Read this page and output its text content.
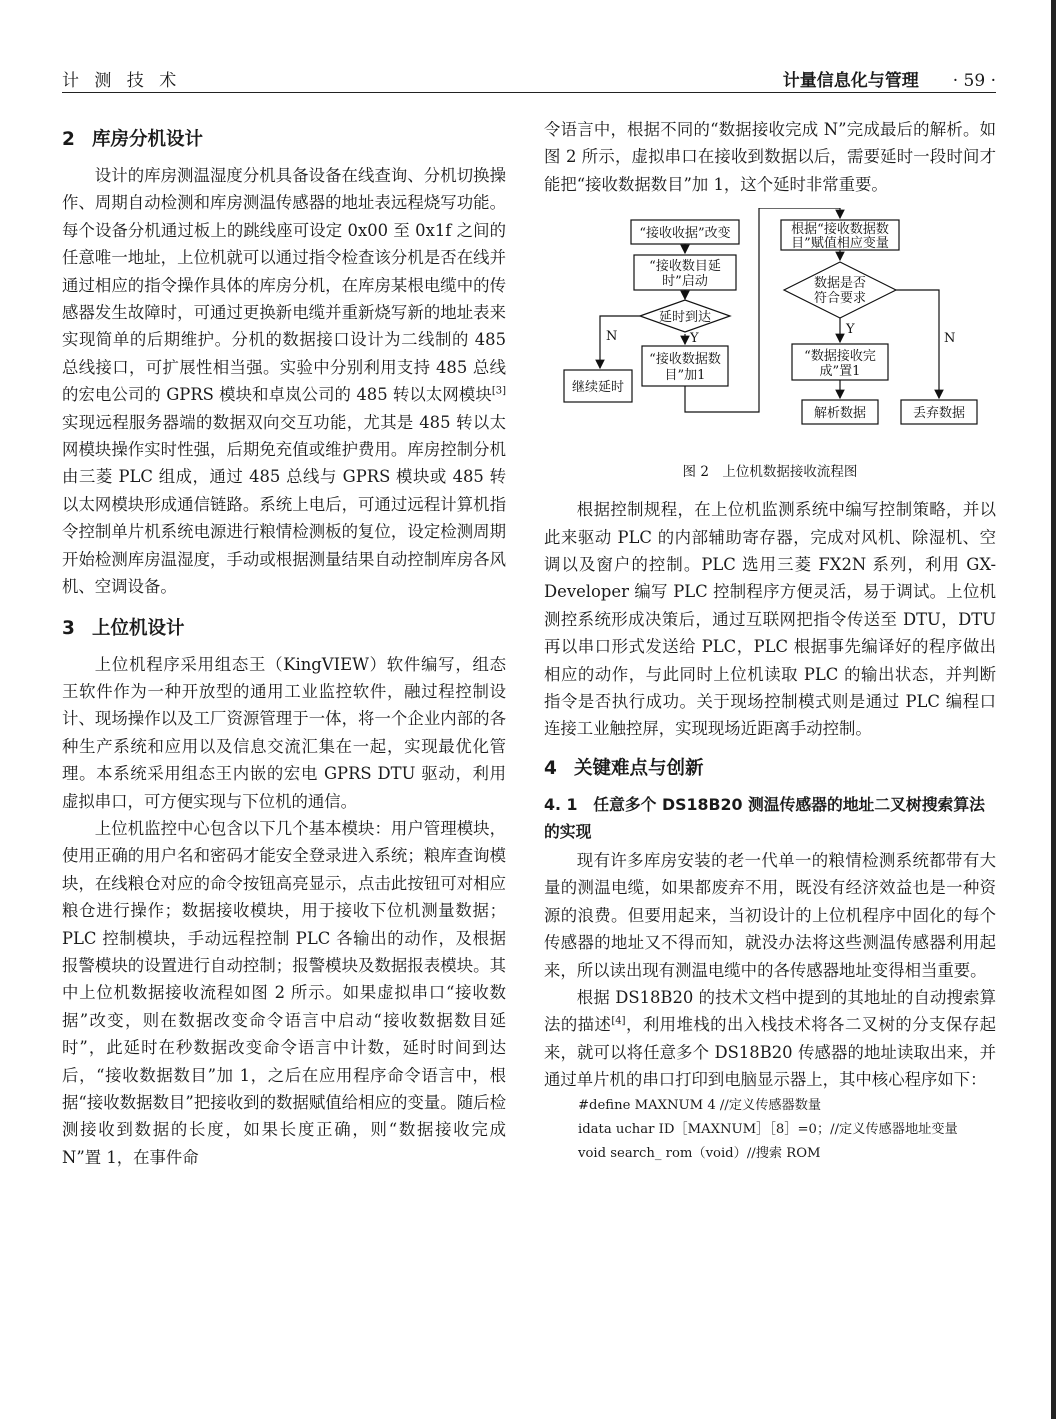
计 测 技 术	计量信息化与管理 · 59 ·
2 库房分机设计

设计的库房测温湿度分机具备设备在线查询、分机切换操作、周期自动检测和库房测温传感器的地址表远程烧写功能。每个设备分机通过板上的跳线座可设定 0x00 至 0x1f 之间的任意唯一地址，上位机就可以通过指令检查该分机是否在线并通过相应的指令操作具体的库房分机，在库房某根电缆中的传感器发生故障时，可通过更换新电缆并重新烧写新的地址表来实现简单的后期维护。分机的数据接口设计为二线制的 485 总线接口，可扩展性相当强。实验中分别利用支持 485 总线的宏电公司的 GPRS 模块和卓岚公司的 485 转以太网模块[3]实现远程服务器端的数据双向交互功能，尤其是 485 转以太网模块操作实时性强，后期免充值或维护费用。库房控制分机由三菱 PLC 组成，通过 485 总线与 GPRS 模块或 485 转以太网模块形成通信链路。系统上电后，可通过远程计算机指令控制单片机系统电源进行粮情检测板的复位，设定检测周期开始检测库房温湿度，手动或根据测量结果自动控制库房各风机、空调设备。

3 上位机设计

上位机程序采用组态王（KingVIEW）软件编写，组态王软件作为一种开放型的通用工业监控软件，融过程控制设计、现场操作以及工厂资源管理于一体，将一个企业内部的各种生产系统和应用以及信息交流汇集在一起，实现最优化管理。本系统采用组态王内嵌的宏电 GPRS DTU 驱动，利用虚拟串口，可方便实现与下位机的通信。

上位机监控中心包含以下几个基本模块：用户管理模块，使用正确的用户名和密码才能安全登录进入系统；粮库查询模块，在线粮仓对应的命令按钮高亮显示，点击此按钮可对相应粮仓进行操作；数据接收模块，用于接收下位机测量数据；PLC 控制模块，手动远程控制 PLC 各输出的动作，及根据报警模块的设置进行自动控制；报警模块及数据报表模块。其中上位机数据接收流程如图 2 所示。如果虚拟串口“接收数据”改变，则在数据改变命令语言中启动“接收数据数目延时”，此延时在秒数据改变命令语言中计数，延时时间到达后，“接收数据数目”加 1，之后在应用程序命令语言中，根据“接收数据数目”把接收到的数据赋值给相应的变量。随后检测接收到数据的长度，如果长度正确，则“数据接收完成 N”置 1，在事件命

令语言中，根据不同的“数据接收完成 N”完成最后的解析。如图 2 所示，虚拟串口在接收到数据以后，需要延时一段时间才能把“接收数据数目”加 1，这个延时非常重要。

“接收收据”改变
“接收数目延
时”启动
延时到达
继续延时
“接收数据数
目”加1
根据“接收数据数
目”赋值相应变量
数据是否
符合要求
“数据接收完
成”置1
解析数据	丢弃数据
N	Y
Y
N
图 2　上位机数据接收流程图

根据控制规程，在上位机监测系统中编写控制策略，并以此来驱动 PLC 的内部辅助寄存器，完成对风机、除湿机、空调以及窗户的控制。PLC 选用三菱 FX2N 系列，利用 GX-Developer 编写 PLC 控制程序方便灵活，易于调试。上位机测控系统形成决策后，通过互联网把指令传送至 DTU，DTU 再以串口形式发送给 PLC，PLC 根据事先编译好的程序做出相应的动作，与此同时上位机读取 PLC 的输出状态，并判断指令是否执行成功。关于现场控制模式则是通过 PLC 编程口连接工业触控屏，实现现场近距离手动控制。

4 关键难点与创新
4. 1　任意多个 DS18B20 测温传感器的地址二叉树搜索算法的实现

现有许多库房安装的老一代单一的粮情检测系统都带有大量的测温电缆，如果都废弃不用，既没有经济效益也是一种资源的浪费。但要用起来，当初设计的上位机程序中固化的每个传感器的地址又不得而知，就没办法将这些测温传感器利用起来，所以读出现有测温电缆中的各传感器地址变得相当重要。

根据 DS18B20 的技术文档中提到的其地址的自动搜索算法的描述[4]，利用堆栈的出入栈技术将各二叉树的分支保存起来，就可以将任意多个 DS18B20 传感器的地址读取出来，并通过单片机的串口打印到电脑显示器上，其中核心程序如下：

#define MAXNUM 4 //定义传感器数量
idata uchar ID［MAXNUM］［8］=0；//定义传感器地址变量
void search_ rom（void）//搜索 ROM
